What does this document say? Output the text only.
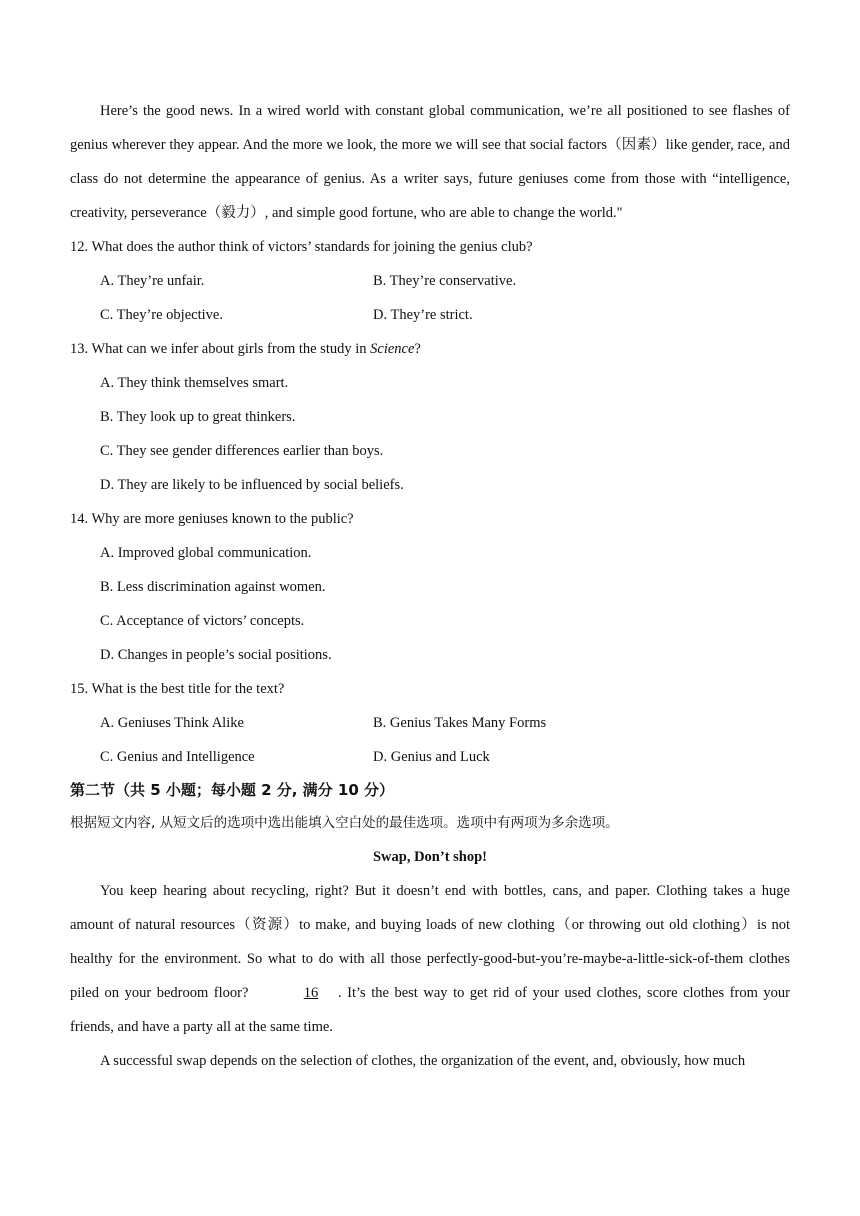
Here’s the good news. In a wired world with constant global communication, we’re all positioned to see flashes of genius wherever they appear. And the more we look, the more we will see that social factors（因素）like gender, race, and class do not determine the appearance of genius. As a writer says, future geniuses come from those with “intelligence, creativity, perseverance（毅力）, and simple good fortune, who are able to change the world."

12. What does the author think of victors’ standards for joining the genius club?

A. They’re unfair.	B. They’re conservative.
C. They’re objective.	D. They’re strict.

13. What can we infer about girls from the study in Science?

A. They think themselves smart.
B. They look up to great thinkers.
C. They see gender differences earlier than boys.
D. They are likely to be influenced by social beliefs.

14. Why are more geniuses known to the public?

A. Improved global communication.
B. Less discrimination against women.
C. Acceptance of victors’ concepts.
D. Changes in people’s social positions.

15. What is the best title for the text?

A. Geniuses Think Alike	B. Genius Takes Many Forms
C. Genius and Intelligence	D. Genius and Luck

第二节（共 5 小题；每小题 2 分, 满分 10 分）

根据短文内容, 从短文后的选项中选出能填入空白处的最佳选项。选项中有两项为多余选项。

Swap, Don’t shop!

You keep hearing about recycling, right? But it doesn’t end with bottles, cans, and paper. Clothing takes a huge amount of natural resources（资源）to make, and buying loads of new clothing（or throwing out old clothing）is not healthy for the environment. So what to do with all those perfectly-good-but-you’re-maybe-a-little-sick-of-them clothes piled on your bedroom floor?	16 . It’s the best way to get rid of your used clothes, score clothes from your friends, and have a party all at the same time.

A successful swap depends on the selection of clothes, the organization of the event, and, obviously, how much
